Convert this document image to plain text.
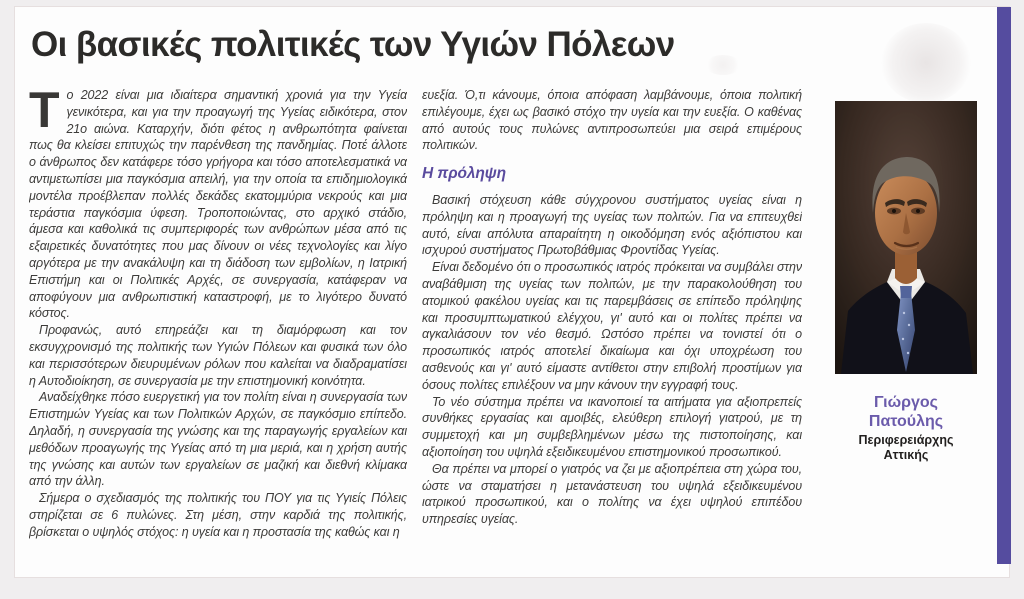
Οι βασικές πολιτικές των Υγιών Πόλεων

Το 2022 είναι μια ιδιαίτερα σημαντική χρονιά για την Υγεία γενικότερα, και για την προαγωγή της Υγείας ειδικότερα, στον 21ο αιώνα. Καταρχήν, διότι φέτος η ανθρωπότητα φαίνεται πως θα κλείσει επιτυχώς την παρένθεση της πανδημίας. Ποτέ άλλοτε ο άνθρωπος δεν κατάφερε τόσο γρήγορα και τόσο αποτελεσματικά να αντιμετωπίσει μια παγκόσμια απειλή, για την οποία τα επιδημιολογικά μοντέλα προέβλεπαν πολλές δεκάδες εκατομμύρια νεκρούς και μια τεράστια παγκόσμια ύφεση. Τροποποιώντας, στο αρχικό στάδιο, άμεσα και καθολικά τις συμπεριφορές των ανθρώπων μέσα από τις εξαιρετικές δυνατότητες που μας δίνουν οι νέες τεχνολογίες και λίγο αργότερα με την ανακάλυψη και τη διάδοση των εμβολίων, η Ιατρική Επιστήμη και οι Πολιτικές Αρχές, σε συνεργασία, κατάφεραν να αποφύγουν μια ανθρωπιστική καταστροφή, με το λιγότερο δυνατό κόστος.

Προφανώς, αυτό επηρεάζει και τη διαμόρφωση και τον εκσυγχρονισμό της πολιτικής των Υγιών Πόλεων και φυσικά των όλο και περισσότερων διευρυμένων ρόλων που καλείται να διαδραματίσει η Αυτοδιοίκηση, σε συνεργασία με την επιστημονική κοινότητα.

Αναδείχθηκε πόσο ευεργετική για τον πολίτη είναι η συνεργασία των Επιστημών Υγείας και των Πολιτικών Αρχών, σε παγκόσμιο επίπεδο. Δηλαδή, η συνεργασία της γνώσης και της παραγωγής εργαλείων και μεθόδων προαγωγής της Υγείας από τη μια μεριά, και η χρήση αυτής της γνώσης και αυτών των εργαλείων σε μαζική και διεθνή κλίμακα από την άλλη.

Σήμερα ο σχεδιασμός της πολιτικής του ΠΟΥ για τις Υγιείς Πόλεις στηρίζεται σε 6 πυλώνες. Στη μέση, στην καρδιά της πολιτικής, βρίσκεται ο υψηλός στόχος: η υγεία και η προστασία της καθώς και η

ευεξία. Ό,τι κάνουμε, όποια απόφαση λαμβάνουμε, όποια πολιτική επιλέγουμε, έχει ως βασικό στόχο την υγεία και την ευεξία. Ο καθένας από αυτούς τους πυλώνες αντιπροσωπεύει μια σειρά επιμέρους πολιτικών.

Η πρόληψη

Βασική στόχευση κάθε σύγχρονου συστήματος υγείας είναι η πρόληψη και η προαγωγή της υγείας των πολιτών. Για να επιτευχθεί αυτό, είναι απόλυτα απαραίτητη η οικοδόμηση ενός αξιόπιστου και ισχυρού συστήματος Πρωτοβάθμιας Φροντίδας Υγείας.

Είναι δεδομένο ότι ο προσωπικός ιατρός πρόκειται να συμβάλει στην αναβάθμιση της υγείας των πολιτών, με την παρακολούθηση του ατομικού φακέλου υγείας και τις παρεμβάσεις σε επίπεδο πρόληψης και προσυμπτωματικού ελέγχου, γι' αυτό και οι πολίτες πρέπει να αγκαλιάσουν τον νέο θεσμό. Ωστόσο πρέπει να τονιστεί ότι ο προσωπικός ιατρός αποτελεί δικαίωμα και όχι υποχρέωση του ασθενούς και γι' αυτό είμαστε αντίθετοι στην επιβολή προστίμων για όσους πολίτες επιλέξουν να μην κάνουν την εγγραφή τους.

Το νέο σύστημα πρέπει να ικανοποιεί τα αιτήματα για αξιοπρεπείς συνθήκες εργασίας και αμοιβές, ελεύθερη επιλογή γιατρού, με τη συμμετοχή και μη συμβεβλημένων μέσω της πιστοποίησης, και αξιοποίηση του υψηλά εξειδικευμένου επιστημονικού προσωπικού.

Θα πρέπει να μπορεί ο γιατρός να ζει με αξιοπρέπεια στη χώρα του, ώστε να σταματήσει η μετανάστευση του υψηλά εξειδικευμένου ιατρικού προσωπικού, και ο πολίτης να έχει υψηλού επιπέδου υπηρεσίες υγείας.

Γιώργος Πατούλης
Περιφερειάρχης Αττικής
